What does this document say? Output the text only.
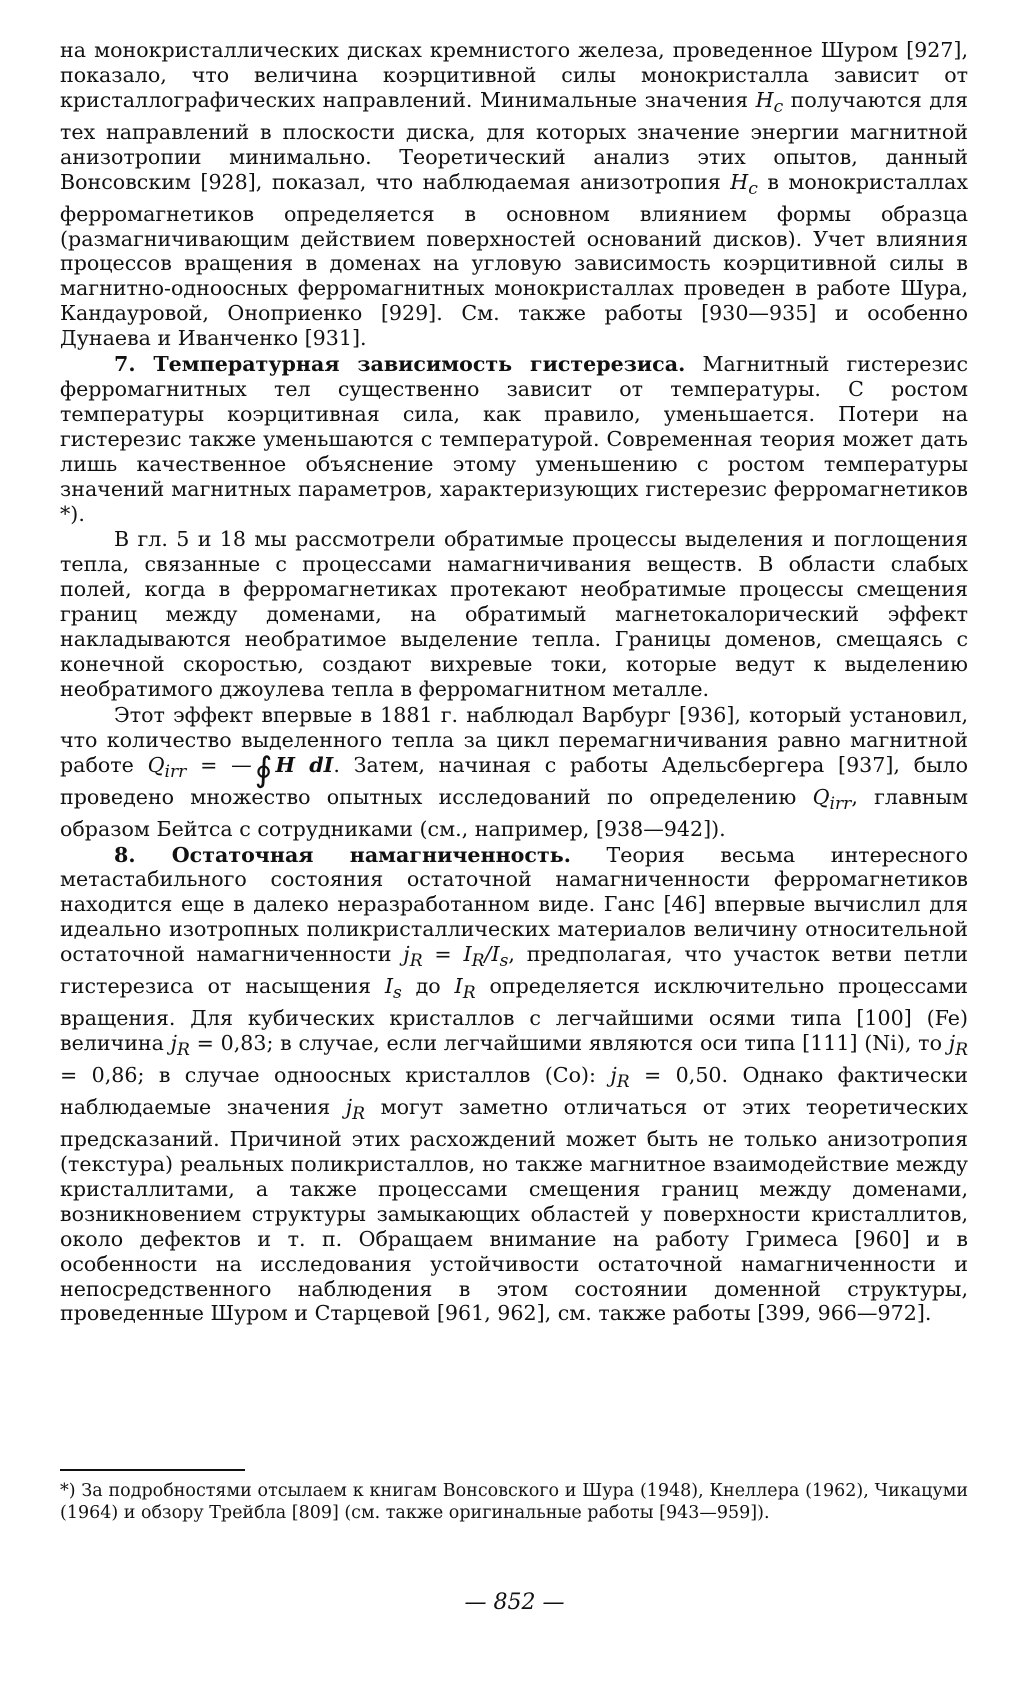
на монокристаллических дисках кремнистого железа, проведенное Шуром [927], показало, что величина коэрцитивной силы монокристалла зависит от кристаллографических направлений. Минимальные значения $H_c$ получаются для тех направлений в плоскости диска, для которых значение энергии магнитной анизотропии минимально. Теоретический анализ этих опытов, данный Вонсовским [928], показал, что наблюдаемая анизотропия $H_c$ в монокристаллах ферромагнетиков определяется в основном влиянием формы образца (размагничивающим действием поверхностей оснований дисков). Учет влияния процессов вращения в доменах на угловую зависимость коэрцитивной силы в магнитно-одноосных ферромагнитных монокристаллах проведен в работе Шура, Кандауровой, Оноприенко [929]. См. также работы [930—935] и особенно Дунаева и Иванченко [931].

7. Температурная зависимость гистерезиса. Магнитный гистерезис ферромагнитных тел существенно зависит от температуры. С ростом температуры коэрцитивная сила, как правило, уменьшается. Потери на гистерезис также уменьшаются с температурой. Современная теория может дать лишь качественное объяснение этому уменьшению с ростом температуры значений магнитных параметров, характеризующих гистерезис ферромагнетиков *).

В гл. 5 и 18 мы рассмотрели обратимые процессы выделения и поглощения тепла, связанные с процессами намагничивания веществ. В области слабых полей, когда в ферромагнетиках протекают необратимые процессы смещения границ между доменами, на обратимый магнетокалорический эффект накладываются необратимое выделение тепла. Границы доменов, смещаясь с конечной скоростью, создают вихревые токи, которые ведут к выделению необратимого джоулева тепла в ферромагнитном металле.

Этот эффект впервые в 1881 г. наблюдал Варбург [936], который установил, что количество выделенного тепла за цикл перемагничивания равно магнитной работе $Q_{irr}$ = —∮ H dI. Затем, начиная с работы Адельсбергера [937], было проведено множество опытных исследований по определению $Q_{irr}$, главным образом Бейтса с сотрудниками (см., например, [938—942]).

8. Остаточная намагниченность. Теория весьма интересного метастабильного состояния остаточной намагниченности ферромагнетиков находится еще в далеко неразработанном виде. Ганс [46] впервые вычислил для идеально изотропных поликристаллических материалов величину относительной остаточной намагниченности $j_R = I_R/I_s$, предполагая, что участок ветви петли гистерезиса от насыщения $I_s$ до $I_R$ определяется исключительно процессами вращения. Для кубических кристаллов с легчайшими осями типа [100] (Fe) величина $j_R = 0,83$; в случае, если легчайшими являются оси типа [111] (Ni), то $j_R = 0,86$; в случае одноосных кристаллов (Co): $j_R = 0,50$. Однако фактически наблюдаемые значения $j_R$ могут заметно отличаться от этих теоретических предсказаний. Причиной этих расхождений может быть не только анизотропия (текстура) реальных поликристаллов, но также магнитное взаимодействие между кристаллитами, а также процессами смещения границ между доменами, возникновением структуры замыкающих областей у поверхности кристаллитов, около дефектов и т. п. Обращаем внимание на работу Гримеса [960] и в особенности на исследования устойчивости остаточной намагниченности и непосредственного наблюдения в этом состоянии доменной структуры, проведенные Шуром и Старцевой [961, 962], см. также работы [399, 966—972].

*) За подробностями отсылаем к книгам Вонсовского и Шура (1948), Кнеллера (1962), Чикацуми (1964) и обзору Трейбла [809] (см. также оригинальные работы [943—959]).
— 852 —
